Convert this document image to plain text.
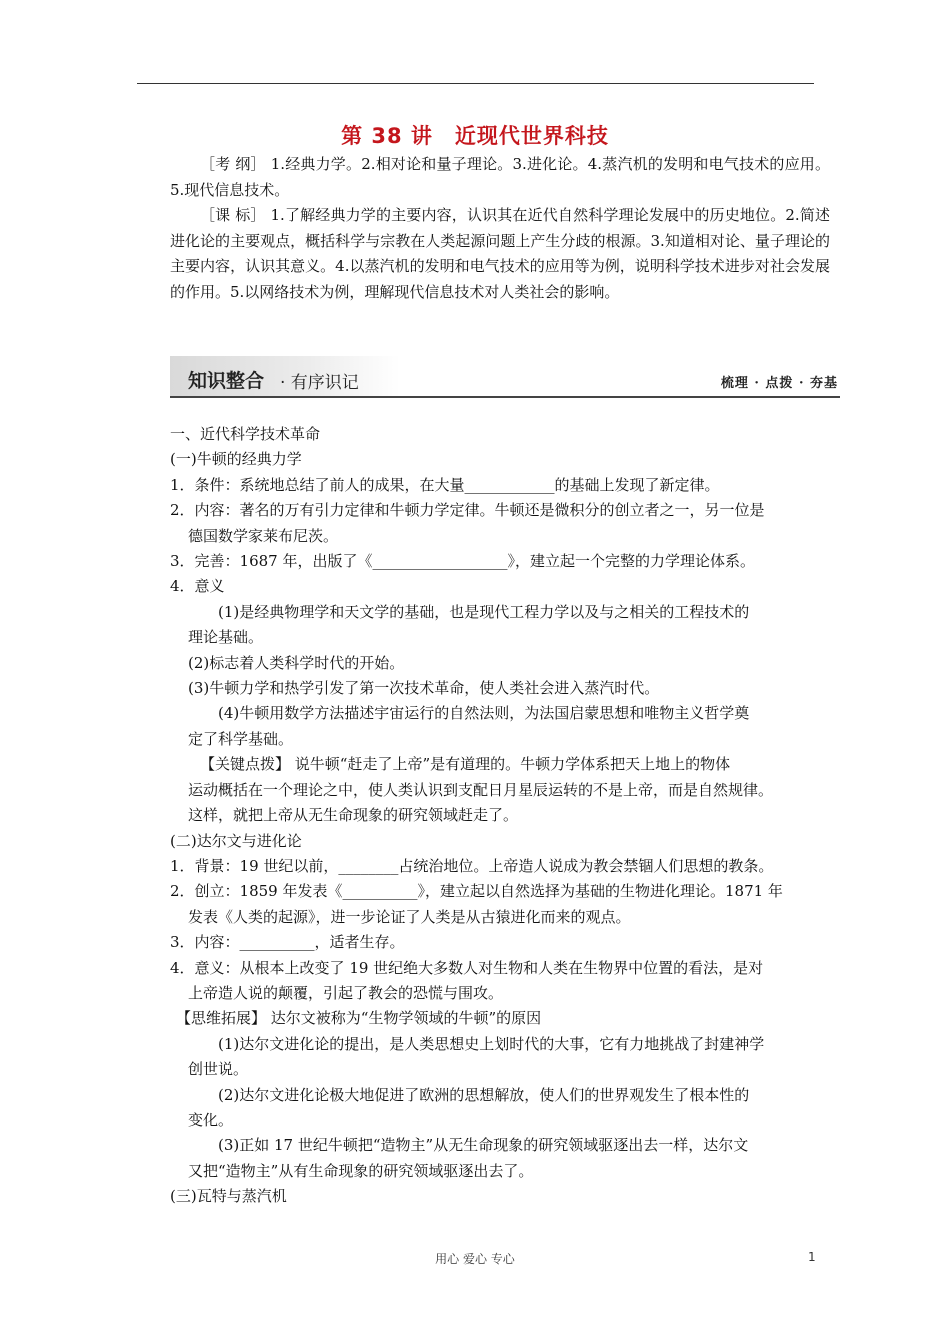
第 38 讲　近现代世界科技

［考 纲］ 1.经典力学。2.相对论和量子理论。3.进化论。4.蒸汽机的发明和电气技术的应用。5.现代信息技术。

［课 标］ 1.了解经典力学的主要内容，认识其在近代自然科学理论发展中的历史地位。2.简述进化论的主要观点，概括科学与宗教在人类起源问题上产生分歧的根源。3.知道相对论、量子理论的主要内容，认识其意义。4.以蒸汽机的发明和电气技术的应用等为例，说明科学技术进步对社会发展的作用。5.以网络技术为例，理解现代信息技术对人类社会的影响。

知识整合 · 有序识记	梳理 · 点拨 · 夯基
一、近代科学技术革命
(一)牛顿的经典力学
1．条件：系统地总结了前人的成果，在大量____________的基础上发现了新定律。
2．内容：著名的万有引力定律和牛顿力学定律。牛顿还是微积分的创立者之一，另一位是
德国数学家莱布尼茨。
3．完善：1687 年，出版了《__________________》，建立起一个完整的力学理论体系。
4．意义
(1)是经典物理学和天文学的基础，也是现代工程力学以及与之相关的工程技术的
理论基础。
(2)标志着人类科学时代的开始。
(3)牛顿力学和热学引发了第一次技术革命，使人类社会进入蒸汽时代。
(4)牛顿用数学方法描述宇宙运行的自然法则，为法国启蒙思想和唯物主义哲学奠
定了科学基础。
【关键点拨】 说牛顿“赶走了上帝”是有道理的。牛顿力学体系把天上地上的物体
运动概括在一个理论之中，使人类认识到支配日月星辰运转的不是上帝，而是自然规律。
这样，就把上帝从无生命现象的研究领域赶走了。
(二)达尔文与进化论
1．背景：19 世纪以前，________占统治地位。上帝造人说成为教会禁锢人们思想的教条。
2．创立：1859 年发表《__________》，建立起以自然选择为基础的生物进化理论。1871 年
发表《人类的起源》，进一步论证了人类是从古猿进化而来的观点。
3．内容：__________，适者生存。
4．意义：从根本上改变了 19 世纪绝大多数人对生物和人类在生物界中位置的看法，是对
上帝造人说的颠覆，引起了教会的恐慌与围攻。
【思维拓展】 达尔文被称为“生物学领域的牛顿”的原因
(1)达尔文进化论的提出，是人类思想史上划时代的大事，它有力地挑战了封建神学
创世说。
(2)达尔文进化论极大地促进了欧洲的思想解放，使人们的世界观发生了根本性的
变化。
(3)正如 17 世纪牛顿把“造物主”从无生命现象的研究领域驱逐出去一样，达尔文
又把“造物主”从有生命现象的研究领域驱逐出去了。
(三)瓦特与蒸汽机
用心 爱心 专心	1
